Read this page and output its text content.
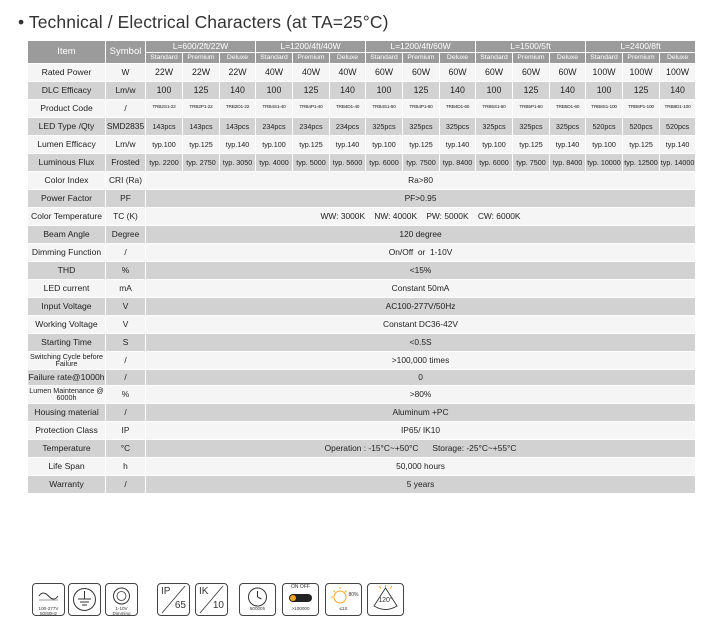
• Technical / Electrical Characters (at TA=25°C)
Item	Symbol	L=600/2ft/22W			L=1200/4ft/40W			L=1200/4ft/60W			L=1500/5ft			L=2400/8ft		
		Standard	Premium	Deluxe	Standard	Premium	Deluxe	Standard	Premium	Deluxe	Standard	Premium	Deluxe	Standard	Premium	Deluxe
Rated Power	W	22W	22W	22W	40W	40W	40W	60W	60W	60W	60W	60W	60W	100W	100W	100W
DLC Efficacy	Lm/w	100	125	140	100	125	140	100	125	140	100	125	140	100	125	140
Product Code	/	TRB2S1-22	TRB2P1-22	TRB2D1-22	TRB4S1-40	TRB4P1-40	TRB4D1-40	TRB4S1-60	TRB4P1-60	TRB4D1-60	TRB5S1-60	TRB5P1-60	TRB5D1-60	TRB8S1-100	TRB8P1-100	TRB8D1-100
LED Type /Qty	SMD2835	143pcs	143pcs	143pcs	234pcs	234pcs	234pcs	325pcs	325pcs	325pcs	325pcs	325pcs	325pcs	520pcs	520pcs	520pcs
Lumen Efficacy	Lm/w	typ.100	typ.125	typ.140	typ.100	typ.125	typ.140	typ.100	typ.125	typ.140	typ.100	typ.125	typ.140	typ.100	typ.125	typ.140
Luminous Flux	Frosted	typ. 2200	typ. 2750	typ. 3050	typ. 4000	typ. 5000	typ. 5600	typ. 6000	typ. 7500	typ. 8400	typ. 6000	typ. 7500	typ. 8400	typ. 10000	typ. 12500	typ. 14000
Color Index	CRI (Ra)	Ra>80														
Power Factor	PF	PF>0.95														
Color Temperature	TC (K)	WW: 3000K    NW: 4000K    PW: 5000K    CW: 6000K														
Beam Angle	Degree	120 degree														
Dimming Function	/	On/Off  or  1-10V														
THD	%	<15%														
LED current	mA	Constant 50mA														
Input Voltage	V	AC100-277V/50Hz														
Working Voltage	V	Constant DC36-42V														
Starting Time	S	<0.5S														
Switching Cycle before Failure	/	>100,000 times														
Failure rate@1000h	/	0														
Lumen Maintenance @ 6000h	%	>80%														
Housing material	/	Aluminum +PC														
Protection Class	IP	IP65/ IK10														
Temperature	°C	Operation : -15°C~+50°C      Storage: -25°C~+55°C														
Life Span	h	50,000 hours														
Warranty	/	5 years														
100-277V 50/60Hz
1-10V Dimming
IP
65
IK
10	50000h
ON OFF
>100000
80%
≤1S
120°
